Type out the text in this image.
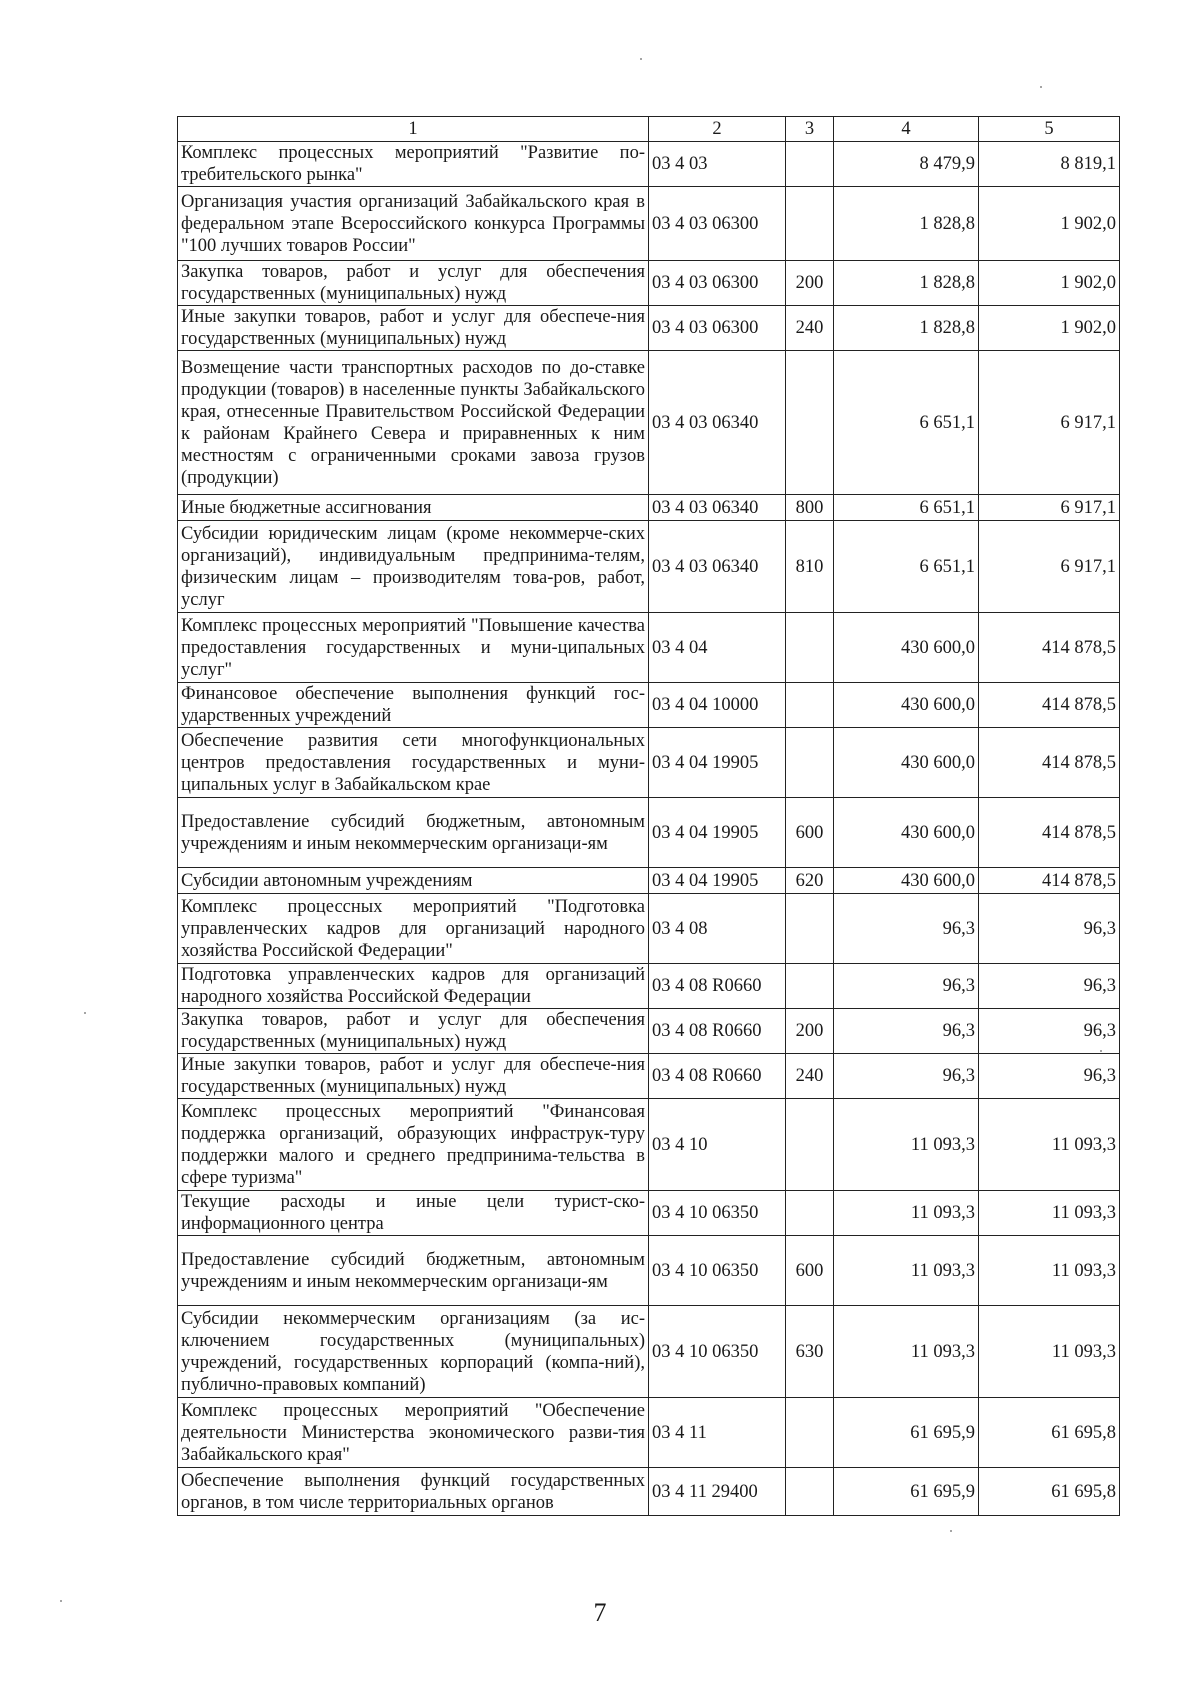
1	2	3	4	5
Комплекс процессных мероприятий "Развитие по-требительского рынка"	03 4 03		8 479,9	8 819,1
Организация участия организаций Забайкальского края в федеральном этапе Всероссийского конкурса Программы "100 лучших товаров России"	03 4 03 06300		1 828,8	1 902,0
Закупка товаров, работ и услуг для обеспечения государственных (муниципальных) нужд	03 4 03 06300	200	1 828,8	1 902,0
Иные закупки товаров, работ и услуг для обеспече-ния государственных (муниципальных) нужд	03 4 03 06300	240	1 828,8	1 902,0
Возмещение части транспортных расходов по до-ставке продукции (товаров) в населенные пункты Забайкальского края, отнесенные Правительством Российской Федерации к районам Крайнего Севера и приравненных к ним местностям с ограниченными сроками завоза грузов (продукции)	03 4 03 06340		6 651,1	6 917,1
Иные бюджетные ассигнования	03 4 03 06340	800	6 651,1	6 917,1
Субсидии юридическим лицам (кроме некоммерче-ских организаций), индивидуальным предпринима-телям, физическим лицам – производителям това-ров, работ, услуг	03 4 03 06340	810	6 651,1	6 917,1
Комплекс процессных мероприятий "Повышение качества предоставления государственных и муни-ципальных услуг"	03 4 04		430 600,0	414 878,5
Финансовое обеспечение выполнения функций гос-ударственных учреждений	03 4 04 10000		430 600,0	414 878,5
Обеспечение развития сети многофункциональных центров предоставления государственных и муни-ципальных услуг в Забайкальском крае	03 4 04 19905		430 600,0	414 878,5
Предоставление субсидий бюджетным, автономным учреждениям и иным некоммерческим организаци-ям	03 4 04 19905	600	430 600,0	414 878,5
Субсидии автономным учреждениям	03 4 04 19905	620	430 600,0	414 878,5
Комплекс процессных мероприятий "Подготовка управленческих кадров для организаций народного хозяйства Российской Федерации"	03 4 08		96,3	96,3
Подготовка управленческих кадров для организаций народного хозяйства Российской Федерации	03 4 08 R0660		96,3	96,3
Закупка товаров, работ и услуг для обеспечения государственных (муниципальных) нужд	03 4 08 R0660	200	96,3	96,3
Иные закупки товаров, работ и услуг для обеспече-ния государственных (муниципальных) нужд	03 4 08 R0660	240	96,3	96,3
Комплекс процессных мероприятий "Финансовая поддержка организаций, образующих инфраструк-туру поддержки малого и среднего предпринима-тельства в сфере туризма"	03 4 10		11 093,3	11 093,3
Текущие расходы и иные цели турист-ско-информационного центра	03 4 10 06350		11 093,3	11 093,3
Предоставление субсидий бюджетным, автономным учреждениям и иным некоммерческим организаци-ям	03 4 10 06350	600	11 093,3	11 093,3
Субсидии некоммерческим организациям (за ис-ключением государственных (муниципальных) учреждений, государственных корпораций (компа-ний), публично-правовых компаний)	03 4 10 06350	630	11 093,3	11 093,3
Комплекс процессных мероприятий "Обеспечение деятельности Министерства экономического разви-тия Забайкальского края"	03 4 11		61 695,9	61 695,8
Обеспечение выполнения функций государственных органов, в том числе территориальных органов	03 4 11 29400		61 695,9	61 695,8
7
